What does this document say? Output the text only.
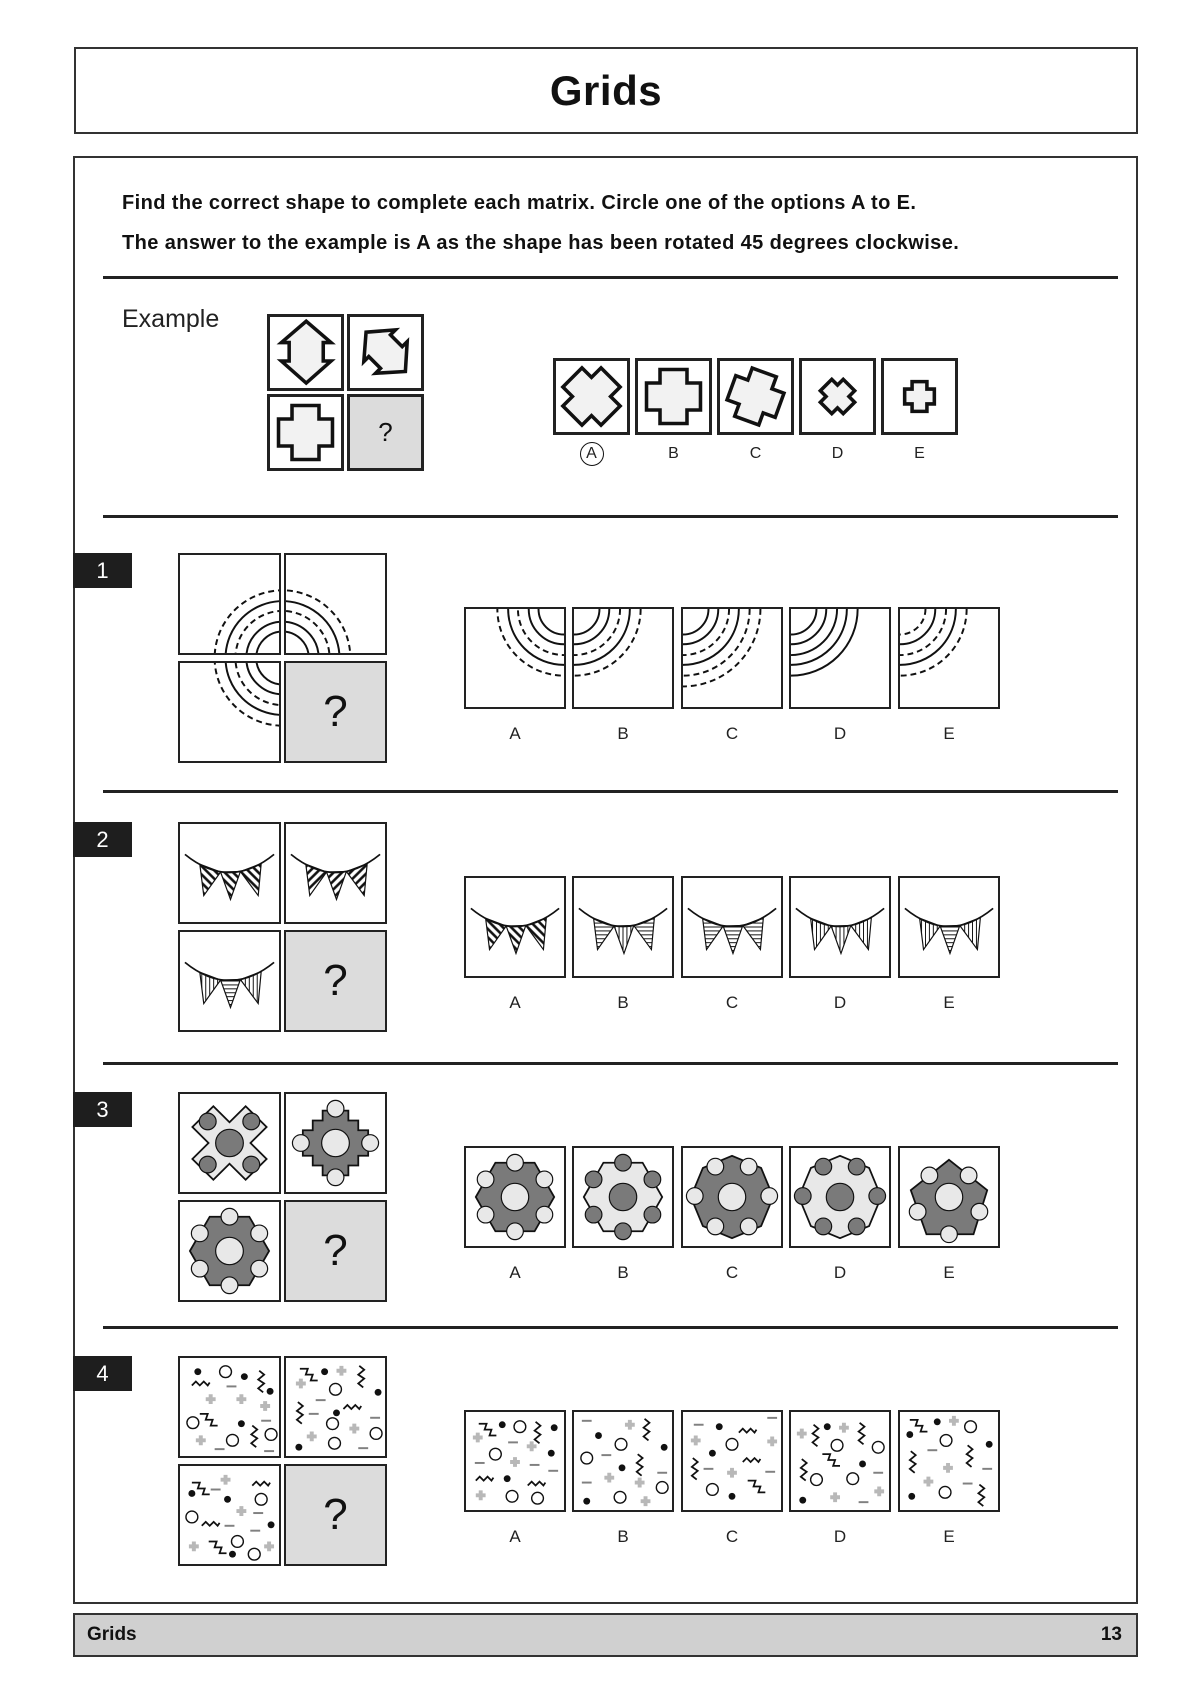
Grids
Find the correct shape to complete each matrix. Circle one of the options A to E.
The answer to the example is A as the shape has been rotated 45 degrees clockwise.
Example
?
A	B	C	D	E
1
?	A	B	C	D	E
2
?	A	B	C	D	E
3
?	A	B	C	D	E
4
?	A	B	C	D	E
Grids	13
